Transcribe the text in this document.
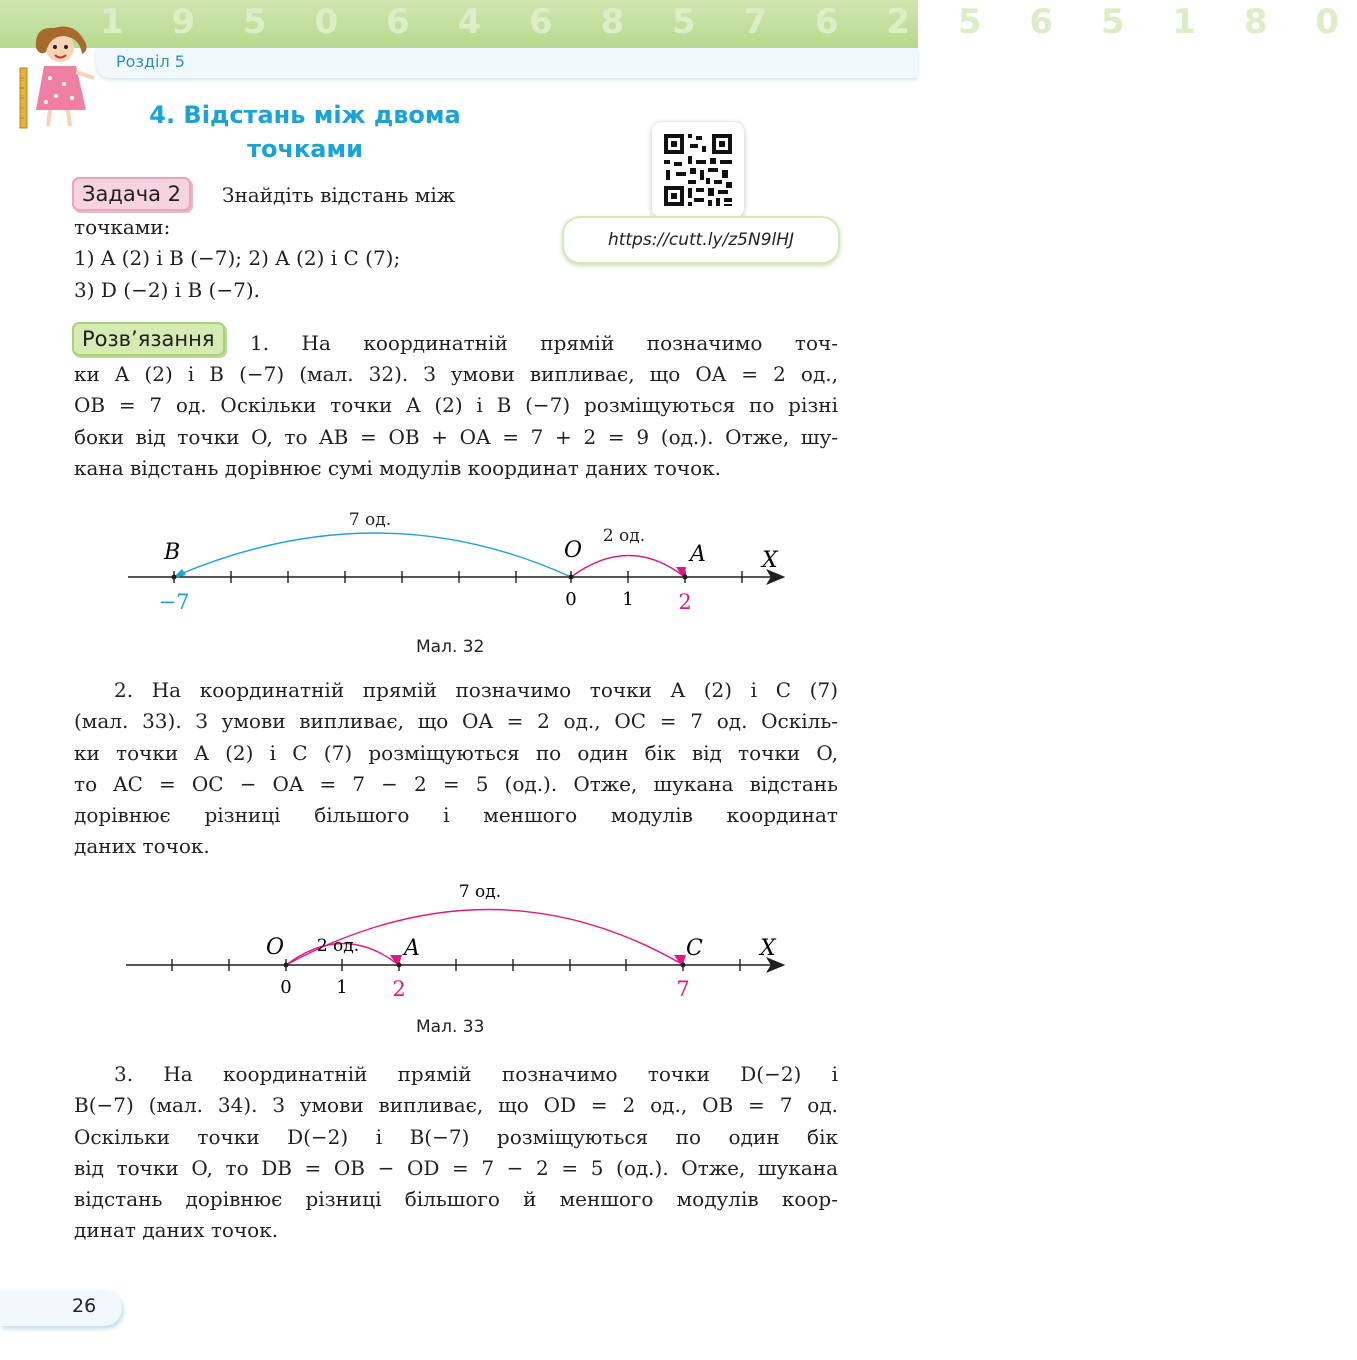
1 9 5 0 6 4 6 8 5 7 6 2 5 6 5 1 8 0
Розділ 5
4. Відстань між двома точками
https://cutt.ly/z5N9lHJ
Задача 2	Знайдіть відстань між
точками:
1) A (2) і B (−7); 2) A (2) і C (7);
3) D (−2) і B (−7).
Розв’язання	1. На координатній прямій позначимо точ-
ки A (2) і B (−7) (мал. 32). З умови випливає, що OA = 2 од.,
OB = 7 од. Оскільки точки A (2) і B (−7) розміщуються по різні
боки від точки O, то AB = OB + OA = 7 + 2 = 9 (од.). Отже, шу-
кана відстань дорівнює сумі модулів координат даних точок.
7 од.
2 од.
B	O	A	X
−7	0	1 2
Мал. 32
2. На координатній прямій позначимо точки A (2) і C (7)
(мал. 33). З умови випливає, що OA = 2 од., OC = 7 од. Оскіль-
ки точки A (2) і C (7) розміщуються по один бік від точки O,
то AC = OC − OA = 7 − 2 = 5 (од.). Отже, шукана відстань
дорівнює різниці більшого і меншого модулів координат
даних точок.
7 од.
2 од.
O	A	C	X
0 1 2	7
Мал. 33
3. На координатній прямій позначимо точки D(−2) і
B(−7) (мал. 34). З умови випливає, що OD = 2 од., OB = 7 од.
Оскільки точки D(−2) і B(−7) розміщуються по один бік
від точки O, то DB = OB − OD = 7 − 2 = 5 (од.). Отже, шукана
відстань дорівнює різниці більшого й меншого модулів коор-
динат даних точок.
26
